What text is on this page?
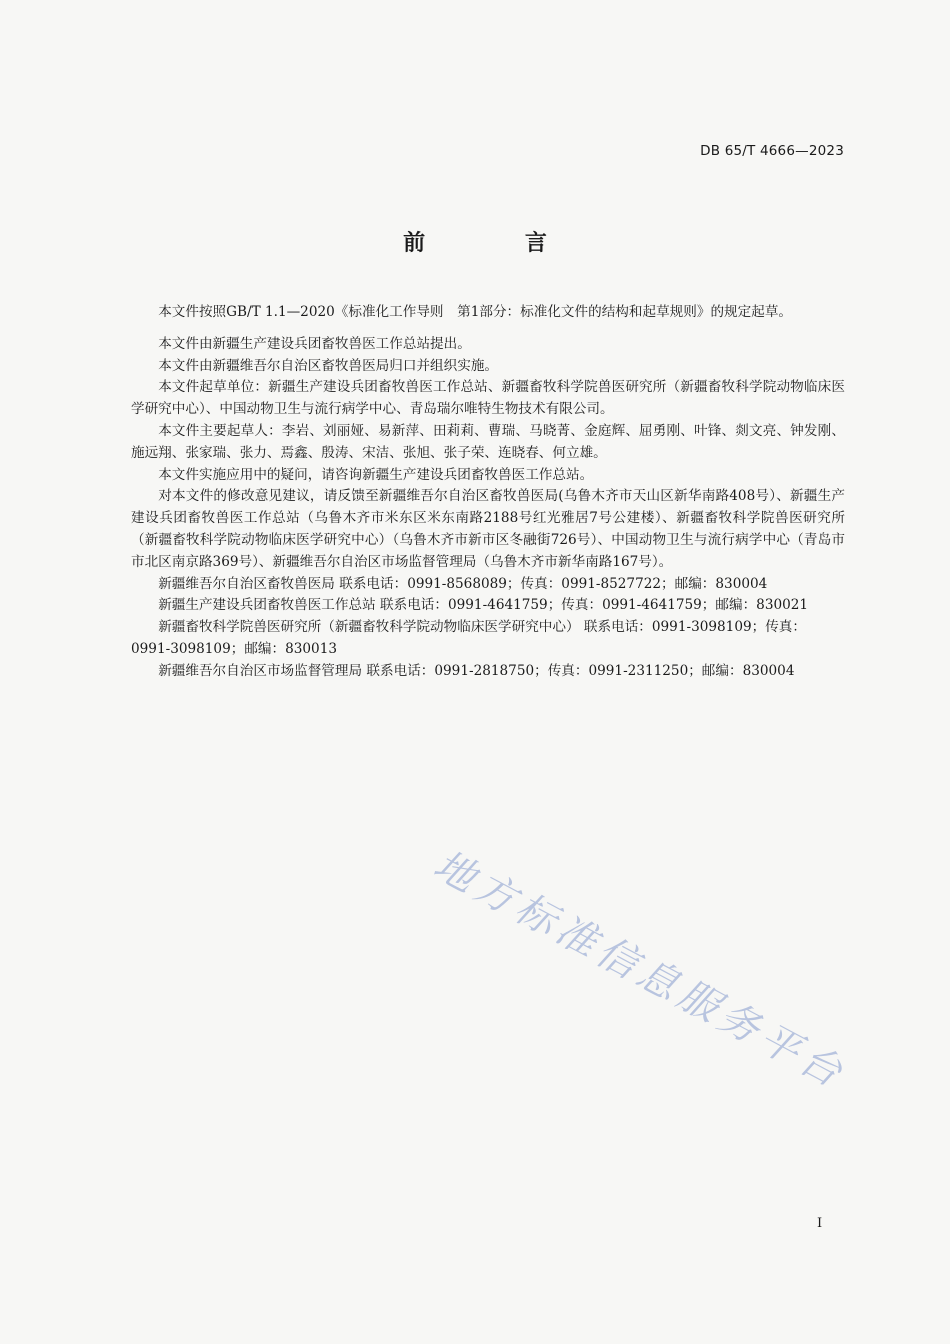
DB 65/T 4666—2023
前 言

本文件按照GB/T 1.1—2020《标准化工作导则　第1部分：标准化文件的结构和起草规则》的规定起草。

本文件由新疆生产建设兵团畜牧兽医工作总站提出。

本文件由新疆维吾尔自治区畜牧兽医局归口并组织实施。

本文件起草单位：新疆生产建设兵团畜牧兽医工作总站、新疆畜牧科学院兽医研究所（新疆畜牧科学院动物临床医学研究中心）、中国动物卫生与流行病学中心、青岛瑞尔唯特生物技术有限公司。

本文件主要起草人：李岩、刘丽娅、易新萍、田莉莉、曹瑞、马晓菁、金庭辉、屈勇刚、叶锋、剡文亮、钟发刚、施远翔、张家瑞、张力、焉鑫、殷涛、宋洁、张旭、张子荣、连晓春、何立雄。

本文件实施应用中的疑问，请咨询新疆生产建设兵团畜牧兽医工作总站。

对本文件的修改意见建议，请反馈至新疆维吾尔自治区畜牧兽医局(乌鲁木齐市天山区新华南路408号）、新疆生产建设兵团畜牧兽医工作总站（乌鲁木齐市米东区米东南路2188号红光雅居7号公建楼）、新疆畜牧科学院兽医研究所（新疆畜牧科学院动物临床医学研究中心）（乌鲁木齐市新市区冬融街726号）、中国动物卫生与流行病学中心（青岛市市北区南京路369号）、新疆维吾尔自治区市场监督管理局（乌鲁木齐市新华南路167号）。

新疆维吾尔自治区畜牧兽医局 联系电话：0991-8568089；传真：0991-8527722；邮编：830004

新疆生产建设兵团畜牧兽医工作总站 联系电话：0991-4641759；传真：0991-4641759；邮编：830021

新疆畜牧科学院兽医研究所（新疆畜牧科学院动物临床医学研究中心） 联系电话：0991-3098109；传真：0991-3098109；邮编：830013

新疆维吾尔自治区市场监督管理局 联系电话：0991-2818750；传真：0991-2311250；邮编：830004

地方标准信息服务平台
I
